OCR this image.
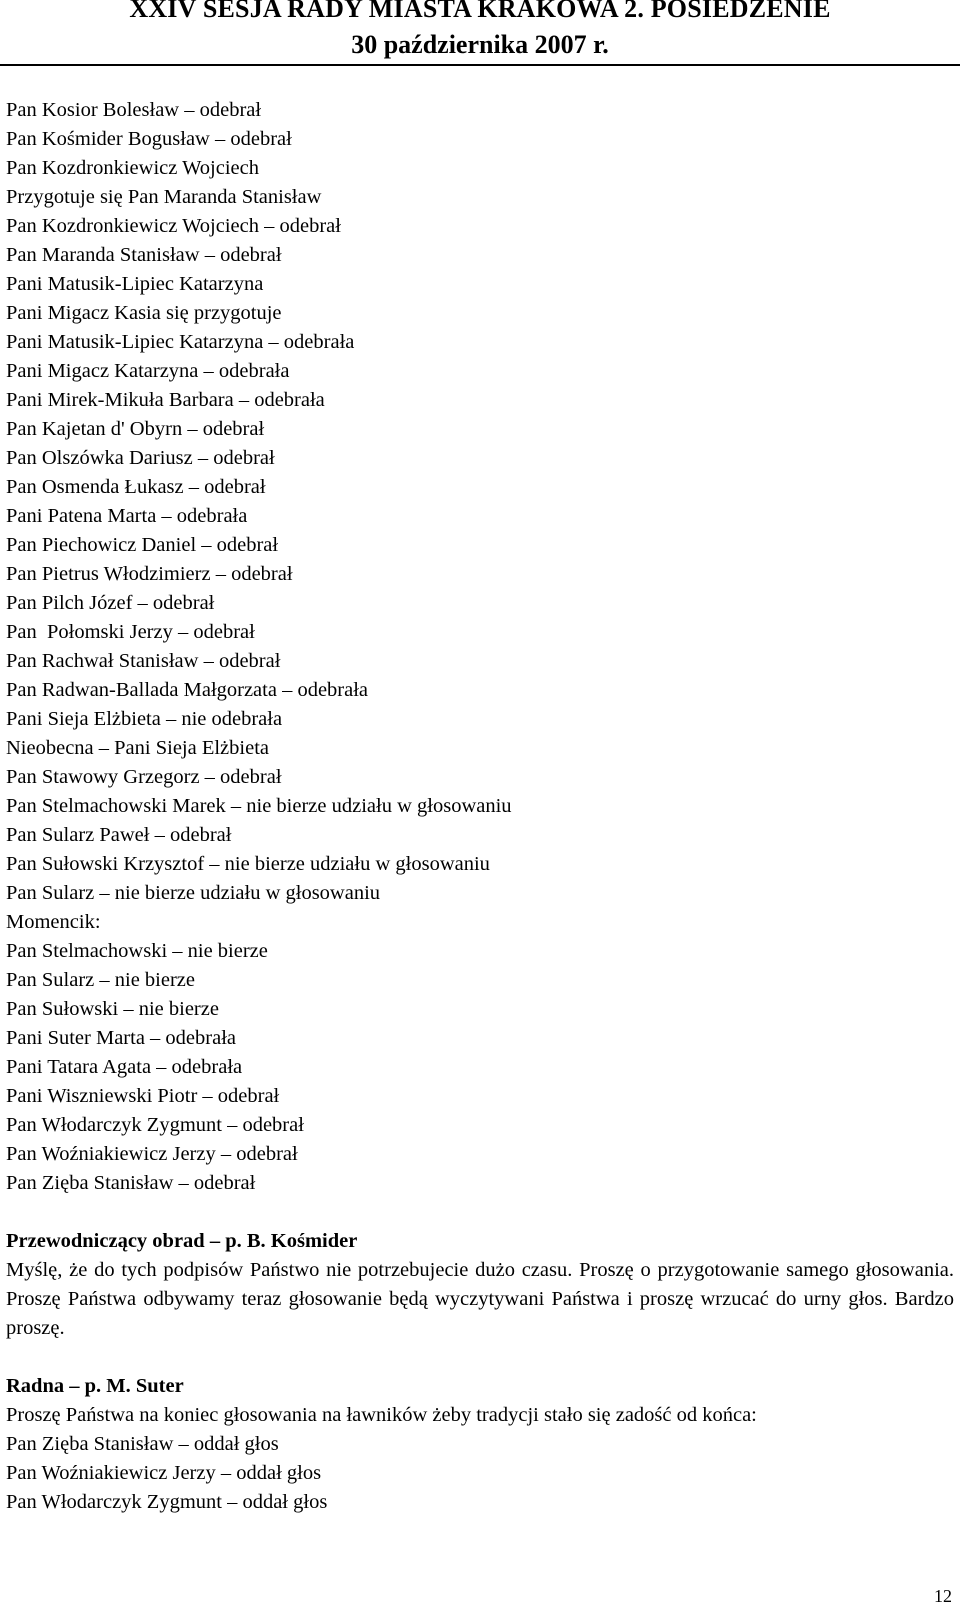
XXIV SESJA RADY MIASTA KRAKOWA 2. POSIEDZENIE
30 października 2007 r.

Pan Kosior Bolesław – odebrał

Pan Kośmider Bogusław – odebrał

Pan Kozdronkiewicz Wojciech

Przygotuje się Pan Maranda Stanisław

Pan Kozdronkiewicz Wojciech – odebrał

Pan Maranda Stanisław – odebrał

Pani Matusik-Lipiec Katarzyna

Pani Migacz Kasia się przygotuje

Pani Matusik-Lipiec Katarzyna – odebrała

Pani Migacz Katarzyna – odebrała

Pani Mirek-Mikuła Barbara – odebrała

Pan Kajetan d' Obyrn – odebrał

Pan Olszówka Dariusz – odebrał

Pan Osmenda Łukasz – odebrał

Pani Patena Marta – odebrała

Pan Piechowicz Daniel – odebrał

Pan Pietrus Włodzimierz – odebrał

Pan Pilch Józef – odebrał

Pan  Połomski Jerzy – odebrał

Pan Rachwał Stanisław – odebrał

Pan Radwan-Ballada Małgorzata – odebrała

Pani Sieja Elżbieta – nie odebrała

Nieobecna – Pani Sieja Elżbieta

Pan Stawowy Grzegorz – odebrał

Pan Stelmachowski Marek – nie bierze udziału w głosowaniu

Pan Sularz Paweł – odebrał

Pan Sułowski Krzysztof – nie bierze udziału w głosowaniu

Pan Sularz – nie bierze udziału w głosowaniu

Momencik:

Pan Stelmachowski – nie bierze

Pan Sularz – nie bierze

Pan Sułowski – nie bierze

Pani Suter Marta – odebrała

Pani Tatara Agata – odebrała

Pani Wiszniewski Piotr – odebrał

Pan Włodarczyk Zygmunt – odebrał

Pan Woźniakiewicz Jerzy – odebrał

Pan Zięba Stanisław – odebrał

Przewodniczący obrad – p. B. Kośmider

Myślę, że do tych podpisów Państwo nie potrzebujecie dużo czasu. Proszę o przygotowanie samego głosowania. Proszę Państwa odbywamy teraz głosowanie będą wyczytywani Państwa i proszę wrzucać do urny głos. Bardzo proszę.

Radna – p. M. Suter

Proszę Państwa na koniec głosowania na ławników żeby tradycji stało się zadość od końca:

Pan Zięba Stanisław – oddał głos

Pan Woźniakiewicz Jerzy – oddał głos

Pan Włodarczyk Zygmunt – oddał głos

12
